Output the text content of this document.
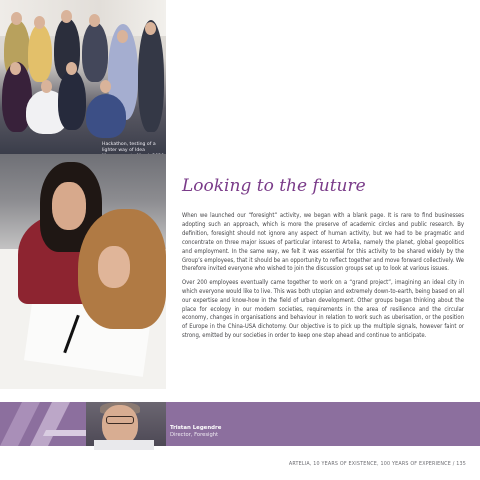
Hackathon, testing of a lighter way of Idea
Looking to the future

When we launched our “foresight” activity, we began with a blank page. It is rare to find businesses adopting such an approach, which is more the preserve of academic circles and public research. By definition, foresight should not ignore any aspect of human activity, but we had to be pragmatic and concentrate on three major issues of particular interest to Artelia, namely the planet, global geopolitics and employment. In the same way, we felt it was essential for this activity to be shared widely by the Group’s employees, that it should be an opportunity to reflect together and move forward collectively. We therefore invited everyone who wished to join the discussion groups set up to look at various issues.

Over 200 employees eventually came together to work on a “grand project”, imagining an ideal city in which everyone would like to live. This was both utopian and extremely down-to-earth, being based on all our expertise and know-how in the field of urban development. Other groups began thinking about the place for ecology in our modern societies, requirements in the area of resilience and the circular economy, changes in organisations and behaviour in relation to work such as uberisation, or the position of Europe in the China-USA dichotomy. Our objective is to pick up the multiple signals, however faint or strong, emitted by our societies in order to keep one step ahead and continue to anticipate.

Tristan Legendre
Director, Foresight
ARTELIA, 10 YEARS OF EXISTENCE, 100 YEARS OF EXPERIENCE / 135
